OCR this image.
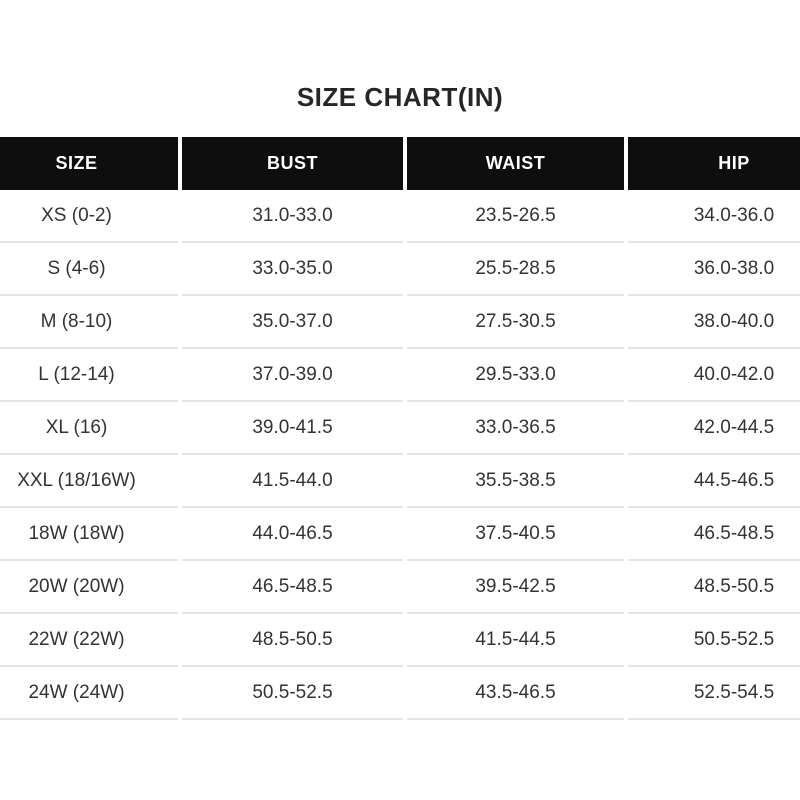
SIZE CHART(IN)
SIZE	BUST	WAIST	HIP
XS (0-2)	31.0-33.0	23.5-26.5	34.0-36.0
S (4-6)	33.0-35.0	25.5-28.5	36.0-38.0
M (8-10)	35.0-37.0	27.5-30.5	38.0-40.0
L (12-14)	37.0-39.0	29.5-33.0	40.0-42.0
XL (16)	39.0-41.5	33.0-36.5	42.0-44.5
XXL (18/16W)	41.5-44.0	35.5-38.5	44.5-46.5
18W (18W)	44.0-46.5	37.5-40.5	46.5-48.5
20W (20W)	46.5-48.5	39.5-42.5	48.5-50.5
22W (22W)	48.5-50.5	41.5-44.5	50.5-52.5
24W (24W)	50.5-52.5	43.5-46.5	52.5-54.5
